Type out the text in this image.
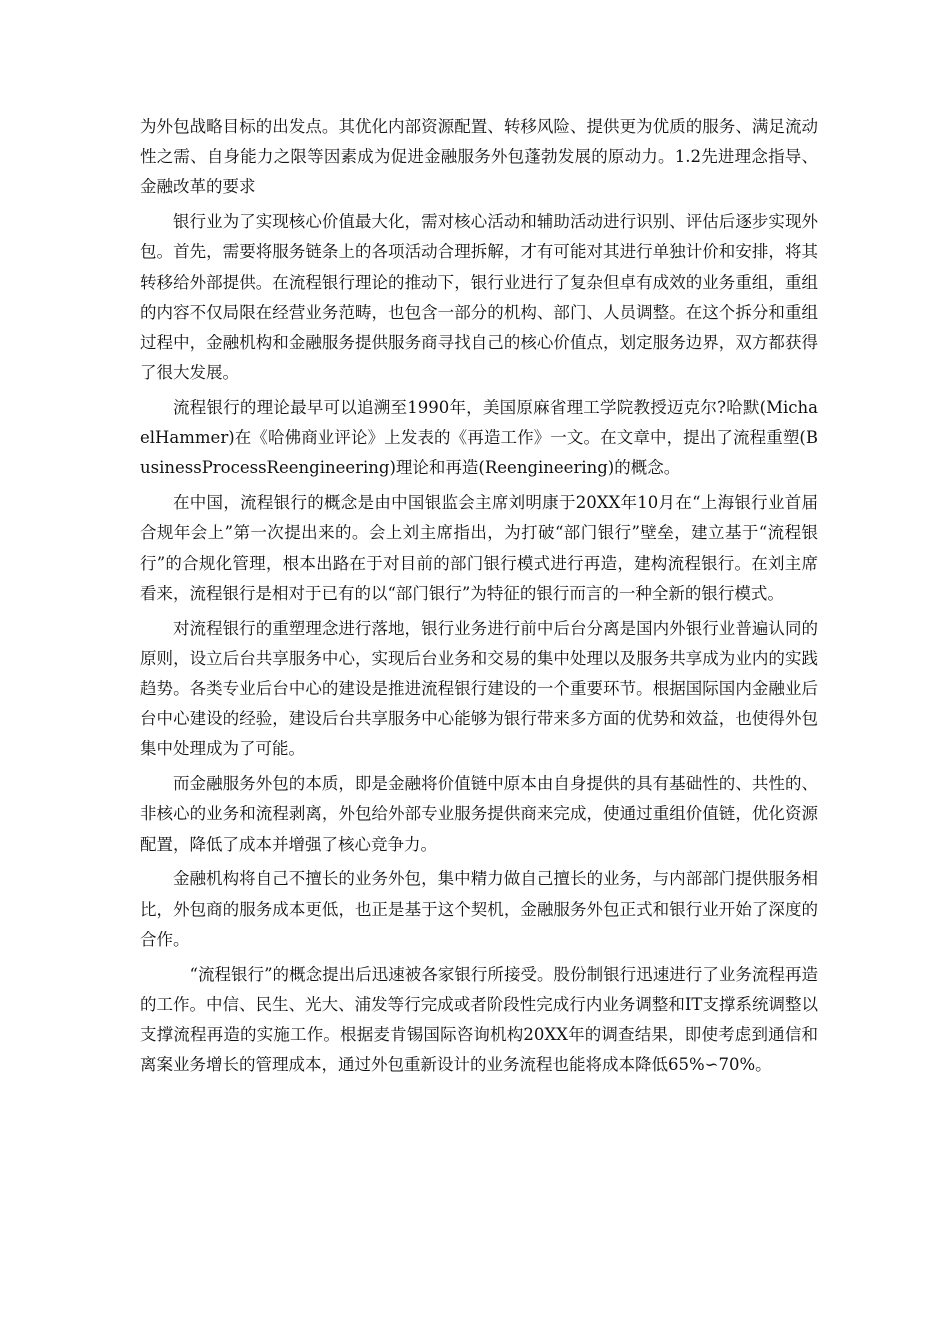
为外包战略目标的出发点。其优化内部资源配置、转移风险、提供更为优质的服务、满足流动性之需、自身能力之限等因素成为促进金融服务外包蓬勃发展的原动力。1.2先进理念指导、金融改革的要求

银行业为了实现核心价值最大化，需对核心活动和辅助活动进行识别、评估后逐步实现外包。首先，需要将服务链条上的各项活动合理拆解，才有可能对其进行单独计价和安排，将其转移给外部提供。在流程银行理论的推动下，银行业进行了复杂但卓有成效的业务重组，重组的内容不仅局限在经营业务范畴，也包含一部分的机构、部门、人员调整。在这个拆分和重组过程中，金融机构和金融服务提供服务商寻找自己的核心价值点，划定服务边界，双方都获得了很大发展。

流程银行的理论最早可以追溯至1990年，美国原麻省理工学院教授迈克尔?哈默(MichaelHammer)在《哈佛商业评论》上发表的《再造工作》一文。在文章中，提出了流程重塑(BusinessProcessReengineering)理论和再造(Reengineering)的概念。

在中国，流程银行的概念是由中国银监会主席刘明康于20XX年10月在“上海银行业首届合规年会上”第一次提出来的。会上刘主席指出，为打破“部门银行”壁垒，建立基于“流程银行”的合规化管理，根本出路在于对目前的部门银行模式进行再造，建构流程银行。在刘主席看来，流程银行是相对于已有的以“部门银行”为特征的银行而言的一种全新的银行模式。

对流程银行的重塑理念进行落地，银行业务进行前中后台分离是国内外银行业普遍认同的原则，设立后台共享服务中心，实现后台业务和交易的集中处理以及服务共享成为业内的实践趋势。各类专业后台中心的建设是推进流程银行建设的一个重要环节。根据国际国内金融业后台中心建设的经验，建设后台共享服务中心能够为银行带来多方面的优势和效益，也使得外包集中处理成为了可能。

而金融服务外包的本质，即是金融将价值链中原本由自身提供的具有基础性的、共性的、非核心的业务和流程剥离，外包给外部专业服务提供商来完成，使通过重组价值链，优化资源配置，降低了成本并增强了核心竞争力。

金融机构将自己不擅长的业务外包，集中精力做自己擅长的业务，与内部部门提供服务相比，外包商的服务成本更低，也正是基于这个契机，金融服务外包正式和银行业开始了深度的合作。

“流程银行”的概念提出后迅速被各家银行所接受。股份制银行迅速进行了业务流程再造的工作。中信、民生、光大、浦发等行完成或者阶段性完成行内业务调整和IT支撑系统调整以支撑流程再造的实施工作。根据麦肯锡国际咨询机构20XX年的调查结果，即使考虑到通信和离案业务增长的管理成本，通过外包重新设计的业务流程也能将成本降低65%∽70%。
